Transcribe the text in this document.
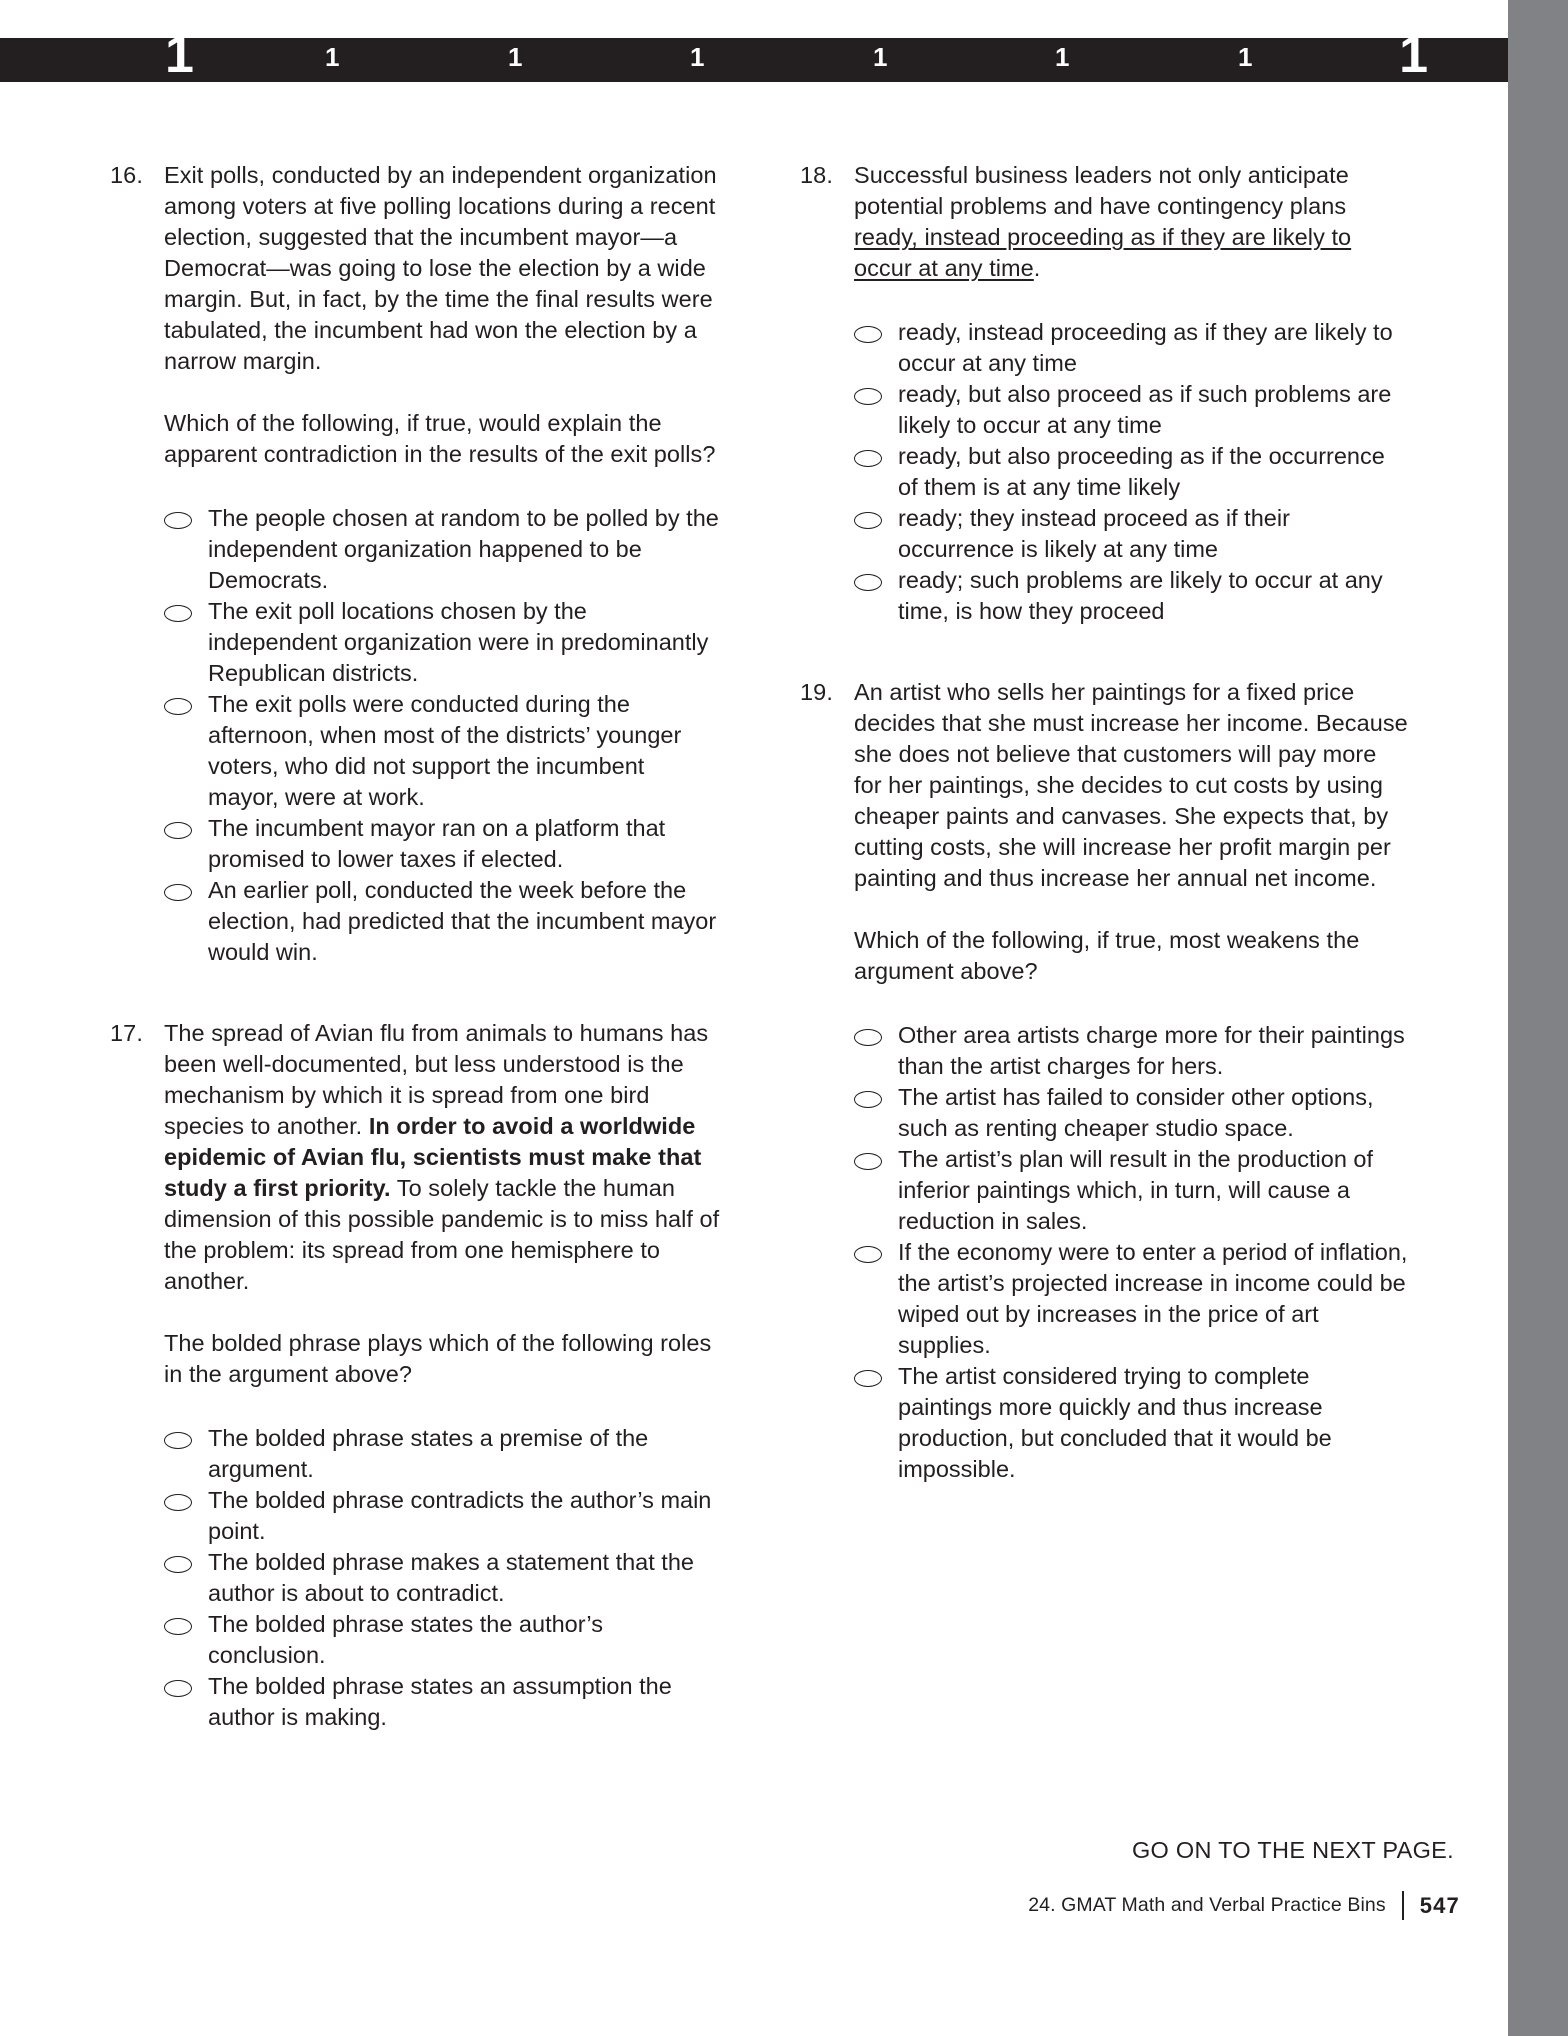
1	1	1	1	1	1	1	1
16. Exit polls, conducted by an independent organization among voters at five polling locations during a recent election, suggested that the incumbent mayor—a Democrat—was going to lose the election by a wide margin. But, in fact, by the time the final results were tabulated, the incumbent had won the election by a narrow margin.
Which of the following, if true, would explain the apparent contradiction in the results of the exit polls?
The people chosen at random to be polled by the independent organization happened to be Democrats.
The exit poll locations chosen by the independent organization were in predominantly Republican districts.
The exit polls were conducted during the afternoon, when most of the districts’ younger voters, who did not support the incumbent mayor, were at work.
The incumbent mayor ran on a platform that promised to lower taxes if elected.
An earlier poll, conducted the week before the election, had predicted that the incumbent mayor would win.
17. The spread of Avian flu from animals to humans has been well-documented, but less understood is the mechanism by which it is spread from one bird species to another. In order to avoid a worldwide epidemic of Avian flu, scientists must make that study a first priority. To solely tackle the human dimension of this possible pandemic is to miss half of the problem: its spread from one hemisphere to another.
The bolded phrase plays which of the following roles in the argument above?
The bolded phrase states a premise of the argument.
The bolded phrase contradicts the author’s main point.
The bolded phrase makes a statement that the author is about to contradict.
The bolded phrase states the author’s conclusion.
The bolded phrase states an assumption the author is making.
18. Successful business leaders not only anticipate potential problems and have contingency plans ready, instead proceeding as if they are likely to occur at any time.
ready, instead proceeding as if they are likely to occur at any time
ready, but also proceed as if such problems are likely to occur at any time
ready, but also proceeding as if the occurrence of them is at any time likely
ready; they instead proceed as if their occurrence is likely at any time
ready; such problems are likely to occur at any time, is how they proceed
19. An artist who sells her paintings for a fixed price decides that she must increase her income. Because she does not believe that customers will pay more for her paintings, she decides to cut costs by using cheaper paints and canvases. She expects that, by cutting costs, she will increase her profit margin per painting and thus increase her annual net income.
Which of the following, if true, most weakens the argument above?
Other area artists charge more for their paintings than the artist charges for hers.
The artist has failed to consider other options, such as renting cheaper studio space.
The artist’s plan will result in the production of inferior paintings which, in turn, will cause a reduction in sales.
If the economy were to enter a period of inflation, the artist’s projected increase in income could be wiped out by increases in the price of art supplies.
The artist considered trying to complete paintings more quickly and thus increase production, but concluded that it would be impossible.
GO ON TO THE NEXT PAGE.
24. GMAT Math and Verbal Practice Bins 547
